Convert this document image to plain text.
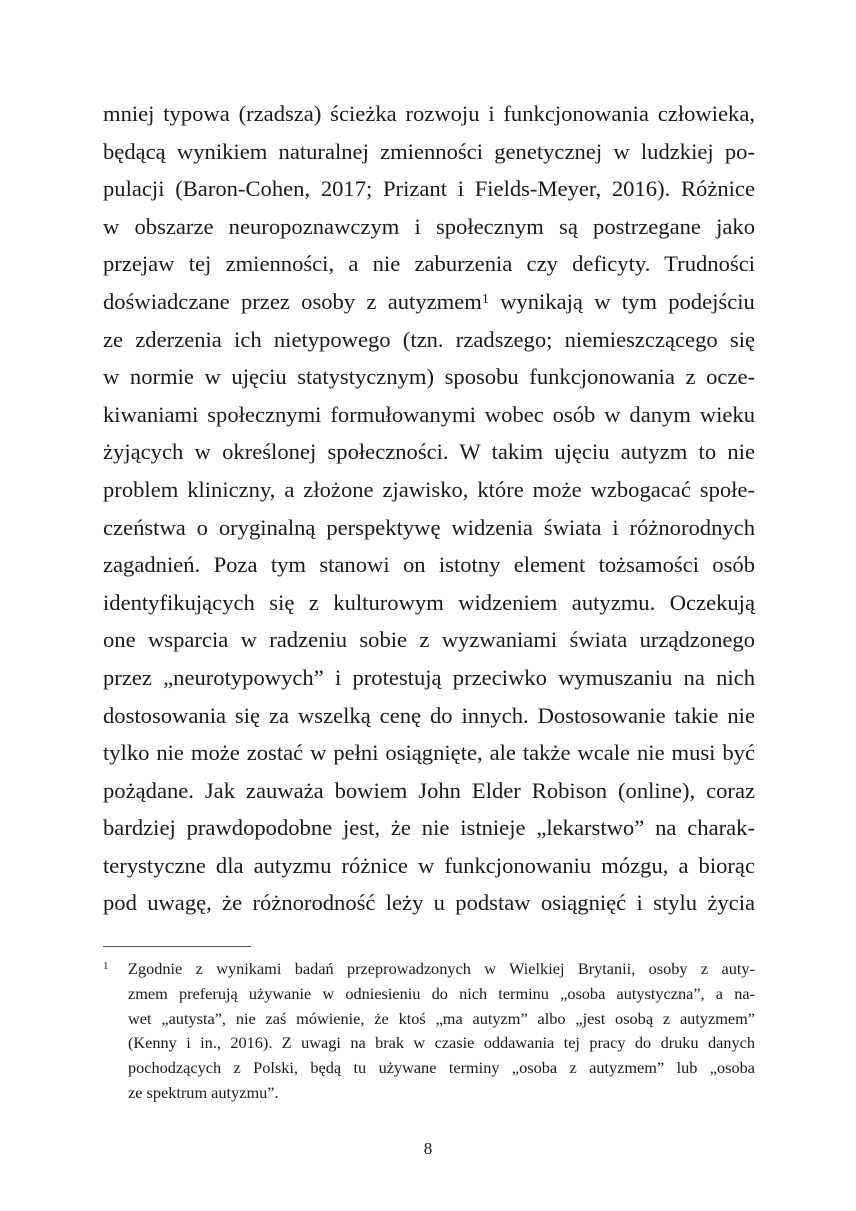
mniej typowa (rzadsza) ścieżka rozwoju i funkcjonowania człowieka,
będącą wynikiem naturalnej zmienności genetycznej w ludzkiej po-
pulacji (Baron-Cohen, 2017; Prizant i Fields-Meyer, 2016). Różnice
w obszarze neuropoznawczym i społecznym są postrzegane jako
przejaw tej zmienności, a nie zaburzenia czy deficyty. Trudności
doświadczane przez osoby z autyzmem$^1$ wynikają w tym podejściu
ze zderzenia ich nietypowego (tzn. rzadszego; niemieszczącego się
w normie w ujęciu statystycznym) sposobu funkcjonowania z ocze-
kiwaniami społecznymi formułowanymi wobec osób w danym wieku
żyjących w określonej społeczności. W takim ujęciu autyzm to nie
problem kliniczny, a złożone zjawisko, które może wzbogacać społe-
czeństwa o oryginalną perspektywę widzenia świata i różnorodnych
zagadnień. Poza tym stanowi on istotny element tożsamości osób
identyfikujących się z kulturowym widzeniem autyzmu. Oczekują
one wsparcia w radzeniu sobie z wyzwaniami świata urządzonego
przez „neurotypowych” i protestują przeciwko wymuszaniu na nich
dostosowania się za wszelką cenę do innych. Dostosowanie takie nie
tylko nie może zostać w pełni osiągnięte, ale także wcale nie musi być
pożądane. Jak zauważa bowiem John Elder Robison (online), coraz
bardziej prawdopodobne jest, że nie istnieje „lekarstwo” na charak-
terystyczne dla autyzmu różnice w funkcjonowaniu mózgu, a biorąc
pod uwagę, że różnorodność leży u podstaw osiągnięć i stylu życia
1 Zgodnie z wynikami badań przeprowadzonych w Wielkiej Brytanii, osoby z auty-
zmem preferują używanie w odniesieniu do nich terminu „osoba autystyczna”, a na-
wet „autysta”, nie zaś mówienie, że ktoś „ma autyzm” albo „jest osobą z autyzmem”
(Kenny i in., 2016). Z uwagi na brak w czasie oddawania tej pracy do druku danych
pochodzących z Polski, będą tu używane terminy „osoba z autyzmem” lub „osoba
ze spektrum autyzmu”.
8
